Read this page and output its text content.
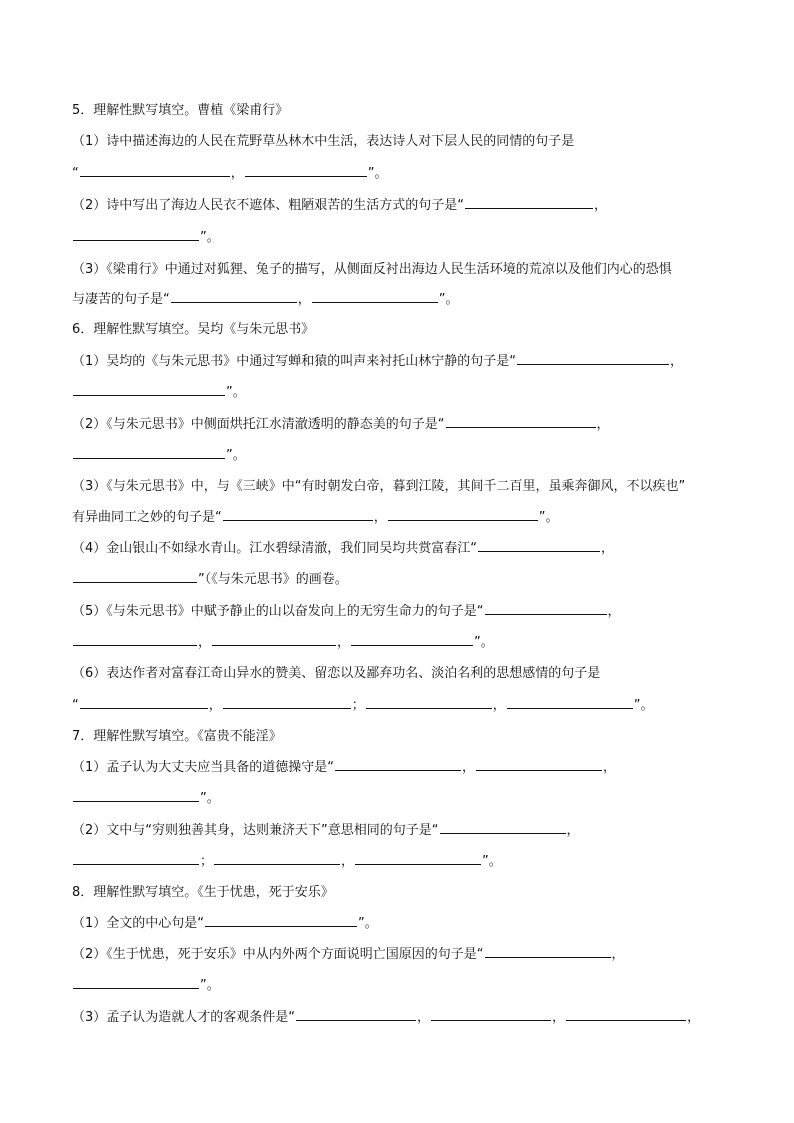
5．理解性默写填空。曹植《梁甫行》
（1）诗中描述海边的人民在荒野草丛林木中生活，表达诗人对下层人民的同情的句子是
“	，	”。
（2）诗中写出了海边人民衣不遮体、粗陋艰苦的生活方式的句子是“	，
”。
（3）《梁甫行》中通过对狐狸、兔子的描写，从侧面反衬出海边人民生活环境的荒凉以及他们内心的恐惧
与凄苦的句子是“	，	”。
6．理解性默写填空。吴均《与朱元思书》
（1）吴均的《与朱元思书》中通过写蝉和猿的叫声来衬托山林宁静的句子是“	，
”。
（2）《与朱元思书》中侧面烘托江水清澈透明的静态美的句子是“	，
”。
（3）《与朱元思书》中，与《三峡》中“有时朝发白帝，暮到江陵，其间千二百里，虽乘奔御风，不以疾也”
有异曲同工之妙的句子是“	，	”。
（4）金山银山不如绿水青山。江水碧绿清澈，我们同吴均共赏富春江“	，
”（《与朱元思书》的画卷。
（5）《与朱元思书》中赋予静止的山以奋发向上的无穷生命力的句子是“	，
，	，	”。
（6）表达作者对富春江奇山异水的赞美、留恋以及鄙弃功名、淡泊名利的思想感情的句子是
“	，	；	，	”。
7．理解性默写填空。《富贵不能淫》
（1）孟子认为大丈夫应当具备的道德操守是“	，	，
”。
（2）文中与“穷则独善其身，达则兼济天下”意思相同的句子是“	，
；	，	”。
8．理解性默写填空。《生于忧患，死于安乐》
（1）全文的中心句是“	”。
（2）《生于忧患，死于安乐》中从内外两个方面说明亡国原因的句子是“	，
”。
（3）孟子认为造就人才的客观条件是“	，	，	，
